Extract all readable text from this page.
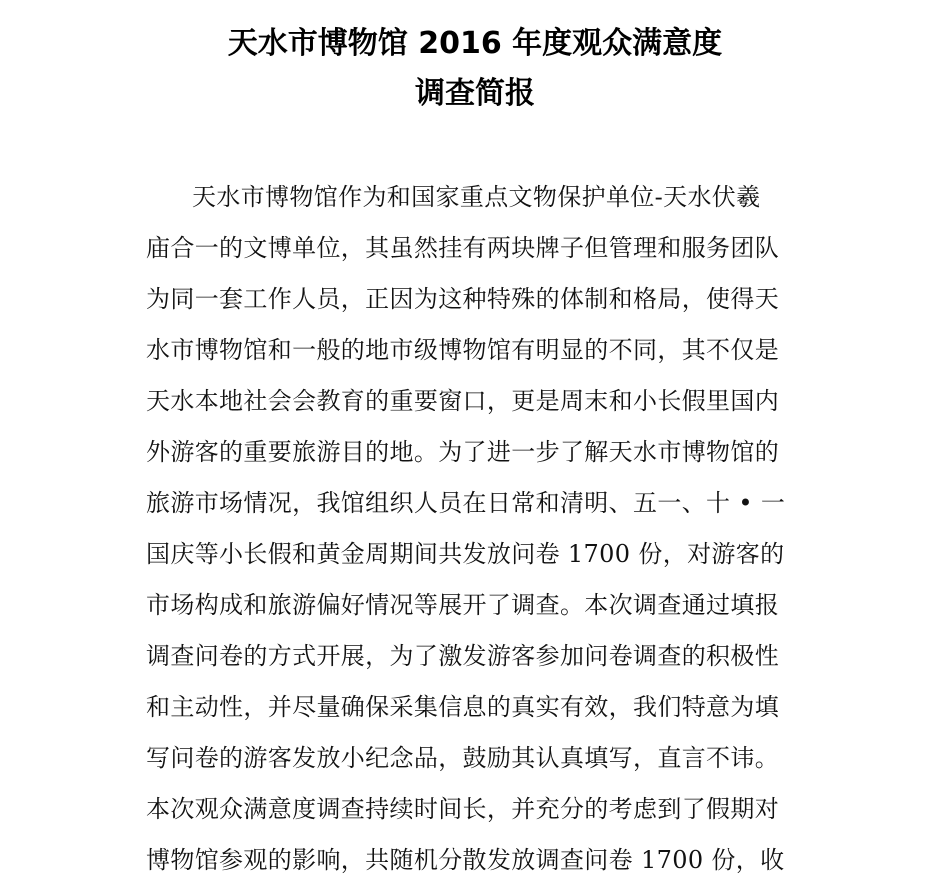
天水市博物馆 2016 年度观众满意度
调查简报
天水市博物馆作为和国家重点文物保护单位-天水伏羲
庙合一的文博单位，其虽然挂有两块牌子但管理和服务团队
为同一套工作人员，正因为这种特殊的体制和格局，使得天
水市博物馆和一般的地市级博物馆有明显的不同，其不仅是
天水本地社会会教育的重要窗口，更是周末和小长假里国内
外游客的重要旅游目的地。为了进一步了解天水市博物馆的
旅游市场情况，我馆组织人员在日常和清明、五一、十 • 一
国庆等小长假和黄金周期间共发放问卷 1700 份，对游客的
市场构成和旅游偏好情况等展开了调查。本次调查通过填报
调查问卷的方式开展，为了激发游客参加问卷调查的积极性
和主动性，并尽量确保采集信息的真实有效，我们特意为填
写问卷的游客发放小纪念品，鼓励其认真填写，直言不讳。
本次观众满意度调查持续时间长，并充分的考虑到了假期对
博物馆参观的影响，共随机分散发放调查问卷 1700 份，收
